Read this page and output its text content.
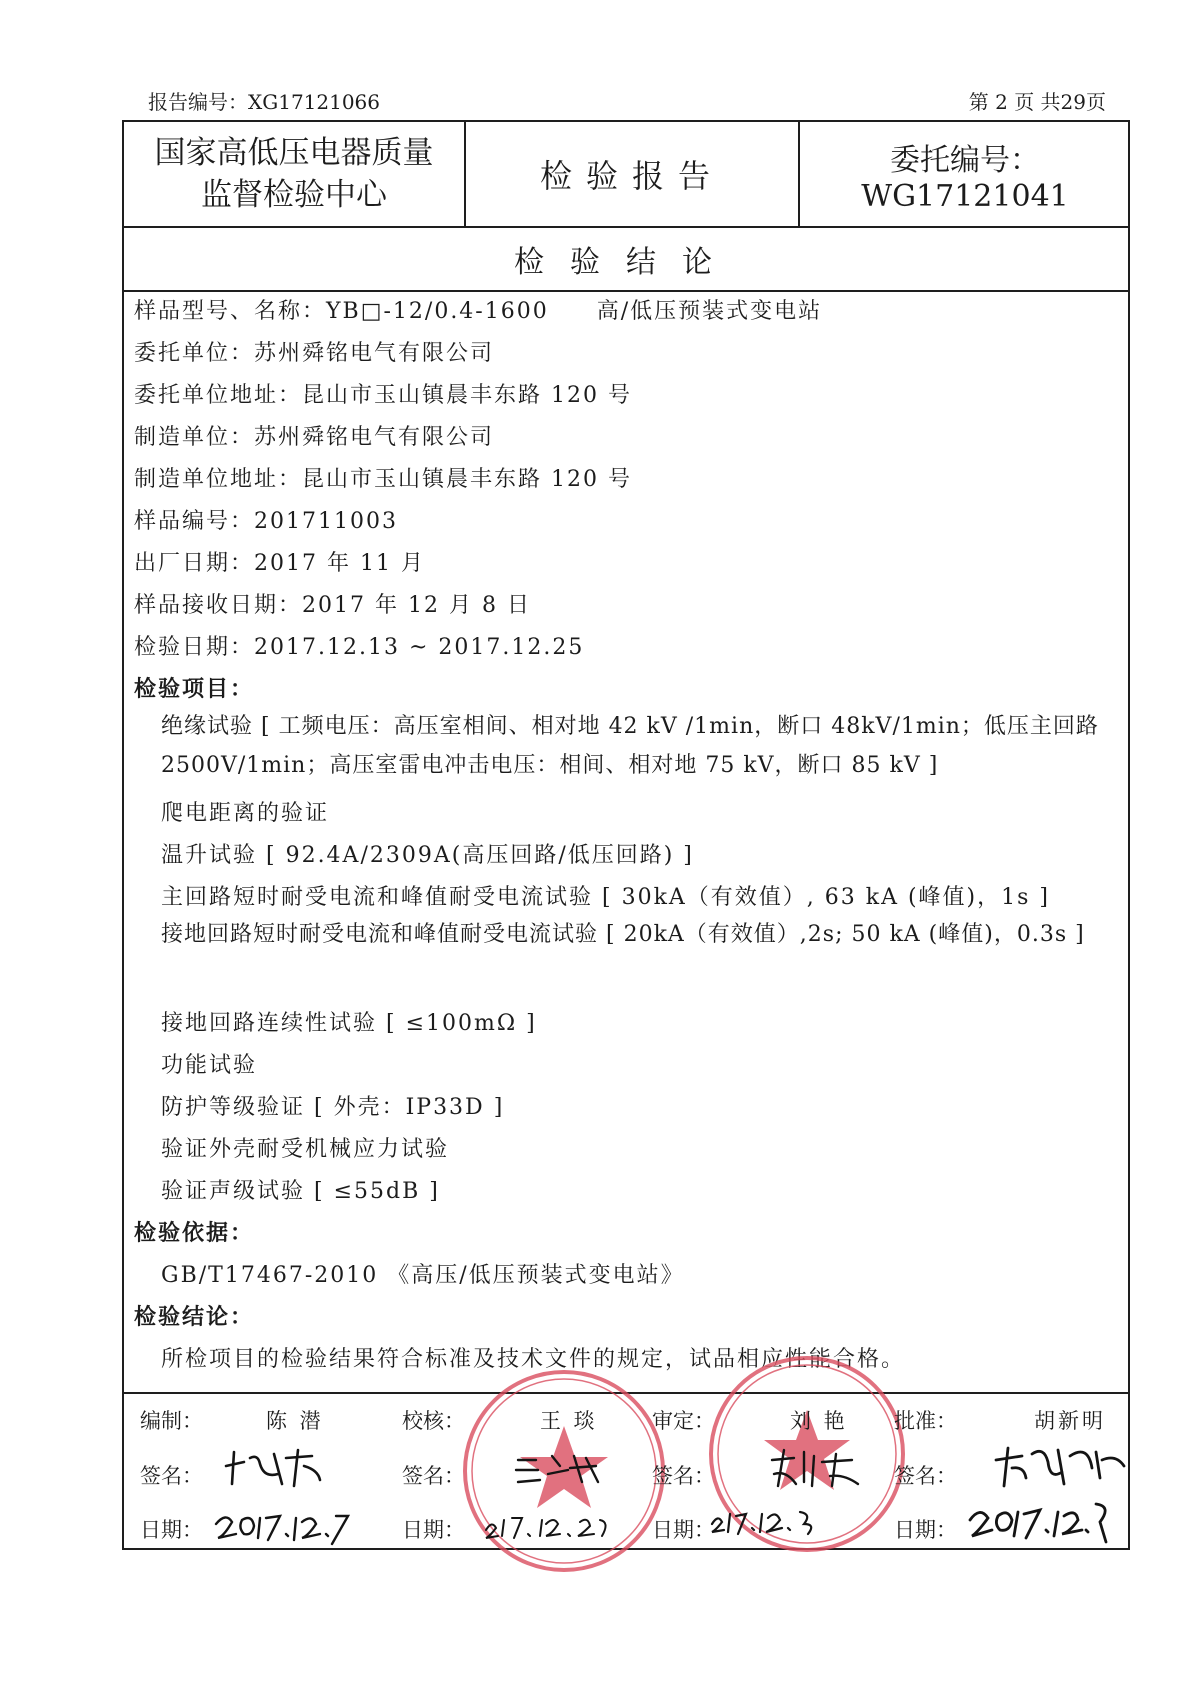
报告编号：XG17121066	第 2 页 共29页
国家高低压电器质量
监督检验中心	检验报告	委托编号：WG17121041
检验结论
样品型号、名称：YB□-12/0.4-1600　　高/低压预装式变电站
委托单位：苏州舜铭电气有限公司
委托单位地址：昆山市玉山镇晨丰东路 120 号
制造单位：苏州舜铭电气有限公司
制造单位地址：昆山市玉山镇晨丰东路 120 号
样品编号：201711003
出厂日期：2017 年 11 月
样品接收日期：2017 年 12 月 8 日
检验日期：2017.12.13 ~ 2017.12.25
检验项目：
绝缘试验 [ 工频电压：高压室相间、相对地 42 kV /1min，断口 48kV/1min；低压主回路 2500V/1min；高压室雷电冲击电压：相间、相对地 75 kV，断口 85 kV ]
爬电距离的验证
温升试验 [ 92.4A/2309A(高压回路/低压回路) ]
主回路短时耐受电流和峰值耐受电流试验 [ 30kA（有效值）, 63 kA (峰值)，1s ]
接地回路短时耐受电流和峰值耐受电流试验 [ 20kA（有效值）,2s; 50 kA (峰值)，0.3s ]
接地回路连续性试验 [ ≤100mΩ ]
功能试验
防护等级验证 [ 外壳：IP33D ]
验证外壳耐受机械应力试验
验证声级试验 [ ≤55dB ]
检验依据：
GB/T17467-2010 《高压/低压预装式变电站》
检验结论：
所检项目的检验结果符合标准及技术文件的规定，试品相应性能合格。
编制：	陈 潜	校核：	王 琰	审定：	刘 艳 批准：	胡新明
签名：	签名：	签名：	签名：
日期：	日期：	日期：	日期：
